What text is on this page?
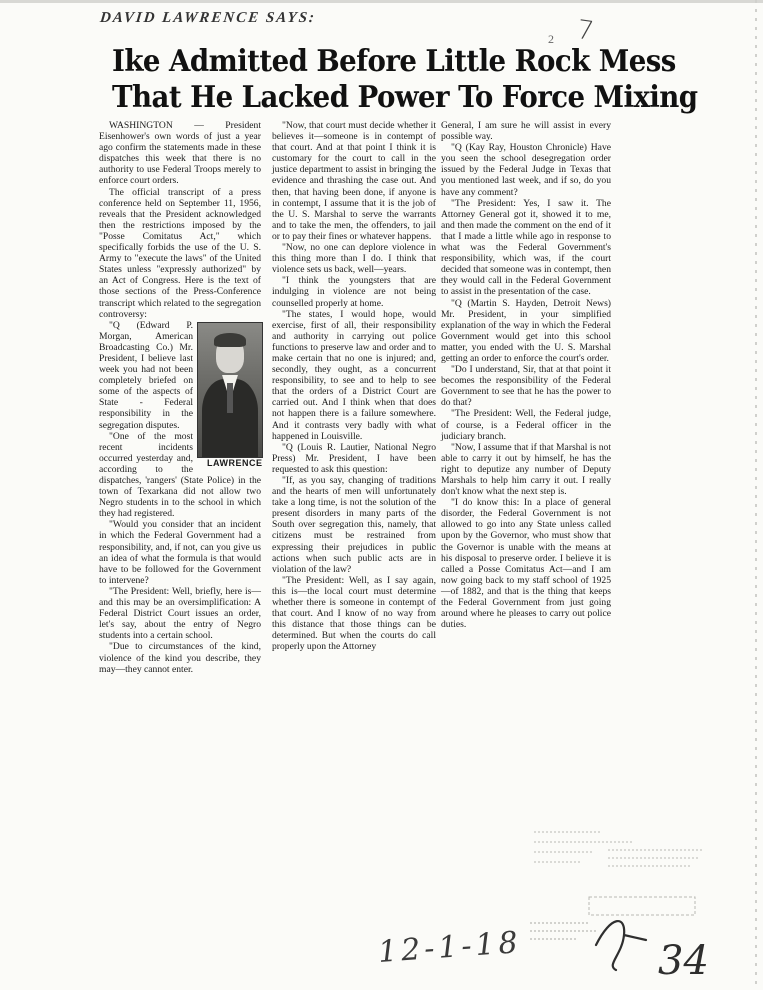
DAVID LAWRENCE SAYS:
2 7
Ike Admitted Before Little Rock Mess
That He Lacked Power To Force Mixing

WASHINGTON — President Eisenhower's own words of just a year ago confirm the statements made in these dispatches this week that there is no authority to use Federal Troops merely to enforce court orders.

The official transcript of a press conference held on September 11, 1956, reveals that the President acknowledged then the restrictions imposed by the "Posse Comitatus Act," which specifically forbids the use of the U. S. Army to "execute the laws" of the United States unless "expressly authorized" by an Act of Congress. Here is the text of those sections of the Press-Conference transcript which related to the segregation controversy:

LAWRENCE

"Q (Edward P. Morgan, American Broadcasting Co.) Mr. President, I believe last week you had not been completely briefed on some of the aspects of State - Federal responsibility in the segregation disputes.

"One of the most recent incidents occurred yesterday and, according to the dispatches, 'rangers' (State Police) in the town of Texarkana did not allow two Negro students in to the school in which they had registered.

"Would you consider that an incident in which the Federal Government had a responsibility, and, if not, can you give us an idea of what the formula is that would have to be followed for the Government to intervene?

"The President: Well, briefly, here is—and this may be an oversimplification: A Federal District Court issues an order, let's say, about the entry of Negro students into a certain school.

"Due to circumstances of the kind, violence of the kind you describe, they may—they cannot enter.

"Now, that court must decide whether it believes it—someone is in contempt of that court. And at that point I think it is customary for the court to call in the justice department to assist in bringing the evidence and thrashing the case out. And then, that having been done, if anyone is in contempt, I assume that it is the job of the U. S. Marshal to serve the warrants and to take the men, the offenders, to jail or to pay their fines or whatever happens.

"Now, no one can deplore violence in this thing more than I do. I think that violence sets us back, well—years.

"I think the youngsters that are indulging in violence are not being counselled properly at home.

"The states, I would hope, would exercise, first of all, their responsibility and authority in carrying out police functions to preserve law and order and to make certain that no one is injured; and, secondly, they ought, as a concurrent responsibility, to see and to help to see that the orders of a District Court are carried out. And I think when that does not happen there is a failure somewhere. And it contrasts very badly with what happened in Louisville.

"Q (Louis R. Lautier, National Negro Press) Mr. President, I have been requested to ask this question:

"If, as you say, changing of traditions and the hearts of men will unfortunately take a long time, is not the solution of the present disorders in many parts of the South over segregation this, namely, that citizens must be restrained from expressing their prejudices in public actions when such public acts are in violation of the law?

"The President: Well, as I say again, this is—the local court must determine whether there is someone in contempt of that court. And I know of no way from this distance that those things can be determined. But when the courts do call properly upon the Attorney

General, I am sure he will assist in every possible way.

"Q (Kay Ray, Houston Chronicle) Have you seen the school desegregation order issued by the Federal Judge in Texas that you mentioned last week, and if so, do you have any comment?

"The President: Yes, I saw it. The Attorney General got it, showed it to me, and then made the comment on the end of it that I made a little while ago in response to what was the Federal Government's responsibility, which was, if the court decided that someone was in contempt, then they would call in the Federal Government to assist in the presentation of the case.

"Q (Martin S. Hayden, Detroit News) Mr. President, in your simplified explanation of the way in which the Federal Government would get into this school matter, you ended with the U. S. Marshal getting an order to enforce the court's order.

"Do I understand, Sir, that at that point it becomes the responsibility of the Federal Government to see that he has the power to do that?

"The President: Well, the Federal judge, of course, is a Federal officer in the judiciary branch.

"Now, I assume that if that Marshal is not able to carry it out by himself, he has the right to deputize any number of Deputy Marshals to help him carry it out. I really don't know what the next step is.

"I do know this: In a place of general disorder, the Federal Government is not allowed to go into any State unless called upon by the Governor, who must show that the Governor is unable with the means at his disposal to preserve order. I believe it is called a Posse Comitatus Act—and I am now going back to my staff school of 1925—of 1882, and that is the thing that keeps the Federal Government from just going around where he pleases to carry out police duties.

12-1-18	34
